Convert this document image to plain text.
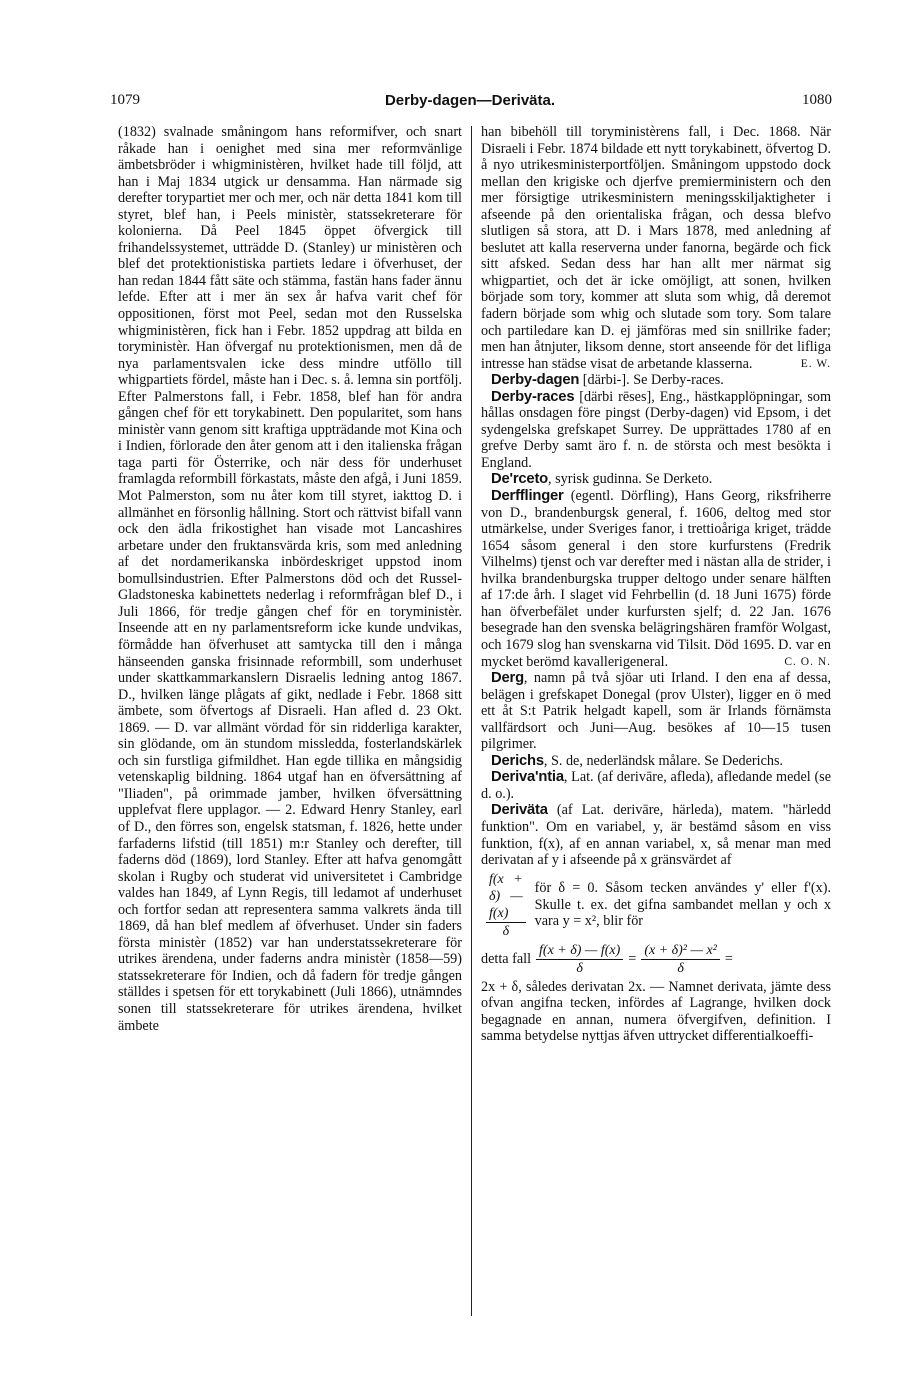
1079	Derby-dagen—Deriväta.	1080

(1832) svalnade småningom hans reformifver, och snart råkade han i oenighet med sina mer reformvänlige ämbetsbröder i whigministèren, hvilket hade till följd, att han i Maj 1834 utgick ur densamma. Han närmade sig derefter torypartiet mer och mer, och när detta 1841 kom till styret, blef han, i Peels ministèr, statssekreterare för kolonierna. Då Peel 1845 öppet öfvergick till frihandelssystemet, utträdde D. (Stanley) ur ministèren och blef det protektionistiska partiets ledare i öfverhuset, der han redan 1844 fått säte och stämma, fastän hans fader ännu lefde. Efter att i mer än sex år hafva varit chef för oppositionen, först mot Peel, sedan mot den Russelska whigministèren, fick han i Febr. 1852 uppdrag att bilda en toryministèr. Han öfvergaf nu protektionismen, men då de nya parlamentsvalen icke dess mindre utföllo till whigpartiets fördel, måste han i Dec. s. å. lemna sin portfölj. Efter Palmerstons fall, i Febr. 1858, blef han för andra gången chef för ett torykabinett. Den popularitet, som hans ministèr vann genom sitt kraftiga uppträdande mot Kina och i Indien, förlorade den åter genom att i den italienska frågan taga parti för Österrike, och när dess för underhuset framlagda reformbill förkastats, måste den afgå, i Juni 1859. Mot Palmerston, som nu åter kom till styret, iakttog D. i allmänhet en försonlig hållning. Stort och rättvist bifall vann ock den ädla frikostighet han visade mot Lancashires arbetare under den fruktansvärda kris, som med anledning af det nordamerikanska inbördeskriget uppstod inom bomullsindustrien. Efter Palmerstons död och det Russel-Gladstoneska kabinettets nederlag i reformfrågan blef D., i Juli 1866, för tredje gången chef för en toryministèr. Inseende att en ny parlamentsreform icke kunde undvikas, förmådde han öfverhuset att samtycka till den i många hänseenden ganska frisinnade reformbill, som underhuset under skattkammarkanslern Disraelis ledning antog 1867. D., hvilken länge plågats af gikt, nedlade i Febr. 1868 sitt ämbete, som öfvertogs af Disraeli. Han afled d. 23 Okt. 1869. — D. var allmänt vördad för sin ridderliga karakter, sin glödande, om än stundom missledda, fosterlandskärlek och sin furstliga gifmildhet. Han egde tillika en mångsidig vetenskaplig bildning. 1864 utgaf han en öfversättning af "Iliaden", på orimmade jamber, hvilken öfversättning upplefvat flere upplagor. — 2. Edward Henry Stanley, earl of D., den förres son, engelsk statsman, f. 1826, hette under farfaderns lifstid (till 1851) m:r Stanley och derefter, till faderns död (1869), lord Stanley. Efter att hafva genomgått skolan i Rugby och studerat vid universitetet i Cambridge valdes han 1849, af Lynn Regis, till ledamot af underhuset och fortfor sedan att representera samma valkrets ända till 1869, då han blef medlem af öfverhuset. Under sin faders första ministèr (1852) var han understatssekreterare för utrikes ärendena, under faderns andra ministèr (1858—59) statssekreterare för Indien, och då fadern för tredje gången ställdes i spetsen för ett torykabinett (Juli 1866), utnämndes sonen till statssekreterare för utrikes ärendena, hvilket ämbete

han bibehöll till toryministèrens fall, i Dec. 1868. När Disraeli i Febr. 1874 bildade ett nytt torykabinett, öfvertog D. å nyo utrikesministerportföljen. Småningom uppstodo dock mellan den krigiske och djerfve premierministern och den mer försigtige utrikesministern meningsskiljaktigheter i afseende på den orientaliska frågan, och dessa blefvo slutligen så stora, att D. i Mars 1878, med anledning af beslutet att kalla reserverna under fanorna, begärde och fick sitt afsked. Sedan dess har han allt mer närmat sig whigpartiet, och det är icke omöjligt, att sonen, hvilken började som tory, kommer att sluta som whig, då deremot fadern började som whig och slutade som tory. Som talare och partiledare kan D. ej jämföras med sin snillrike fader; men han åtnjuter, liksom denne, stort anseende för det lifliga intresse han städse visat de arbetande klasserna.	E. W.

Derby-dagen [därbi-]. Se Derby-races.

Derby-races [därbi rēses], Eng., hästkapplöpningar, som hållas onsdagen före pingst (Derby-dagen) vid Epsom, i det sydengelska grefskapet Surrey. De upprättades 1780 af en grefve Derby samt äro f. n. de största och mest besökta i England.

De'rceto, syrisk gudinna. Se Derketo.

Derfflinger (egentl. Dörfling), Hans Georg, riksfriherre von D., brandenburgsk general, f. 1606, deltog med stor utmärkelse, under Sveriges fanor, i trettioåriga kriget, trädde 1654 såsom general i den store kurfurstens (Fredrik Vilhelms) tjenst och var derefter med i nästan alla de strider, i hvilka brandenburgska trupper deltogo under senare hälften af 17:de årh. I slaget vid Fehrbellin (d. 18 Juni 1675) förde han öfverbefälet under kurfursten sjelf; d. 22 Jan. 1676 besegrade han den svenska belägringshären framför Wolgast, och 1679 slog han svenskarna vid Tilsit. Död 1695. D. var en mycket berömd kavallerigeneral.	C. O. N.

Derg, namn på två sjöar uti Irland. I den ena af dessa, belägen i grefskapet Donegal (prov Ulster), ligger en ö med ett åt S:t Patrik helgadt kapell, som är Irlands förnämsta vallfärdsort och Juni—Aug. besökes af 10—15 tusen pilgrimer.

Derichs, S. de, nederländsk målare. Se Dederichs.

Deriva'ntia, Lat. (af derivāre, afleda), afledande medel (se d. o.).

Deriväta (af Lat. derivāre, härleda), matem. "härledd funktion". Om en variabel, y, är bestämd såsom en viss funktion, f(x), af en annan variabel, x, så menar man med derivatan af y i afseende på x gränsvärdet af

$\frac{f(x + \delta) — f(x)}{\delta}$ för δ = 0. Såsom tecken användes y' eller f'(x). Skulle t. ex. det gifna sambandet mellan y och x vara y = x², blir för
detta fall $\frac{f(x + \delta) — f(x)}{\delta} = \frac{\text{(x + δ)² — x²}}{\delta}$ =

2x + δ, således derivatan 2x. — Namnet derivata, jämte dess ofvan angifna tecken, infördes af Lagrange, hvilken dock begagnade en annan, numera öfvergifven, definition. I samma betydelse nyttjas äfven uttrycket differentialkoeffi-
